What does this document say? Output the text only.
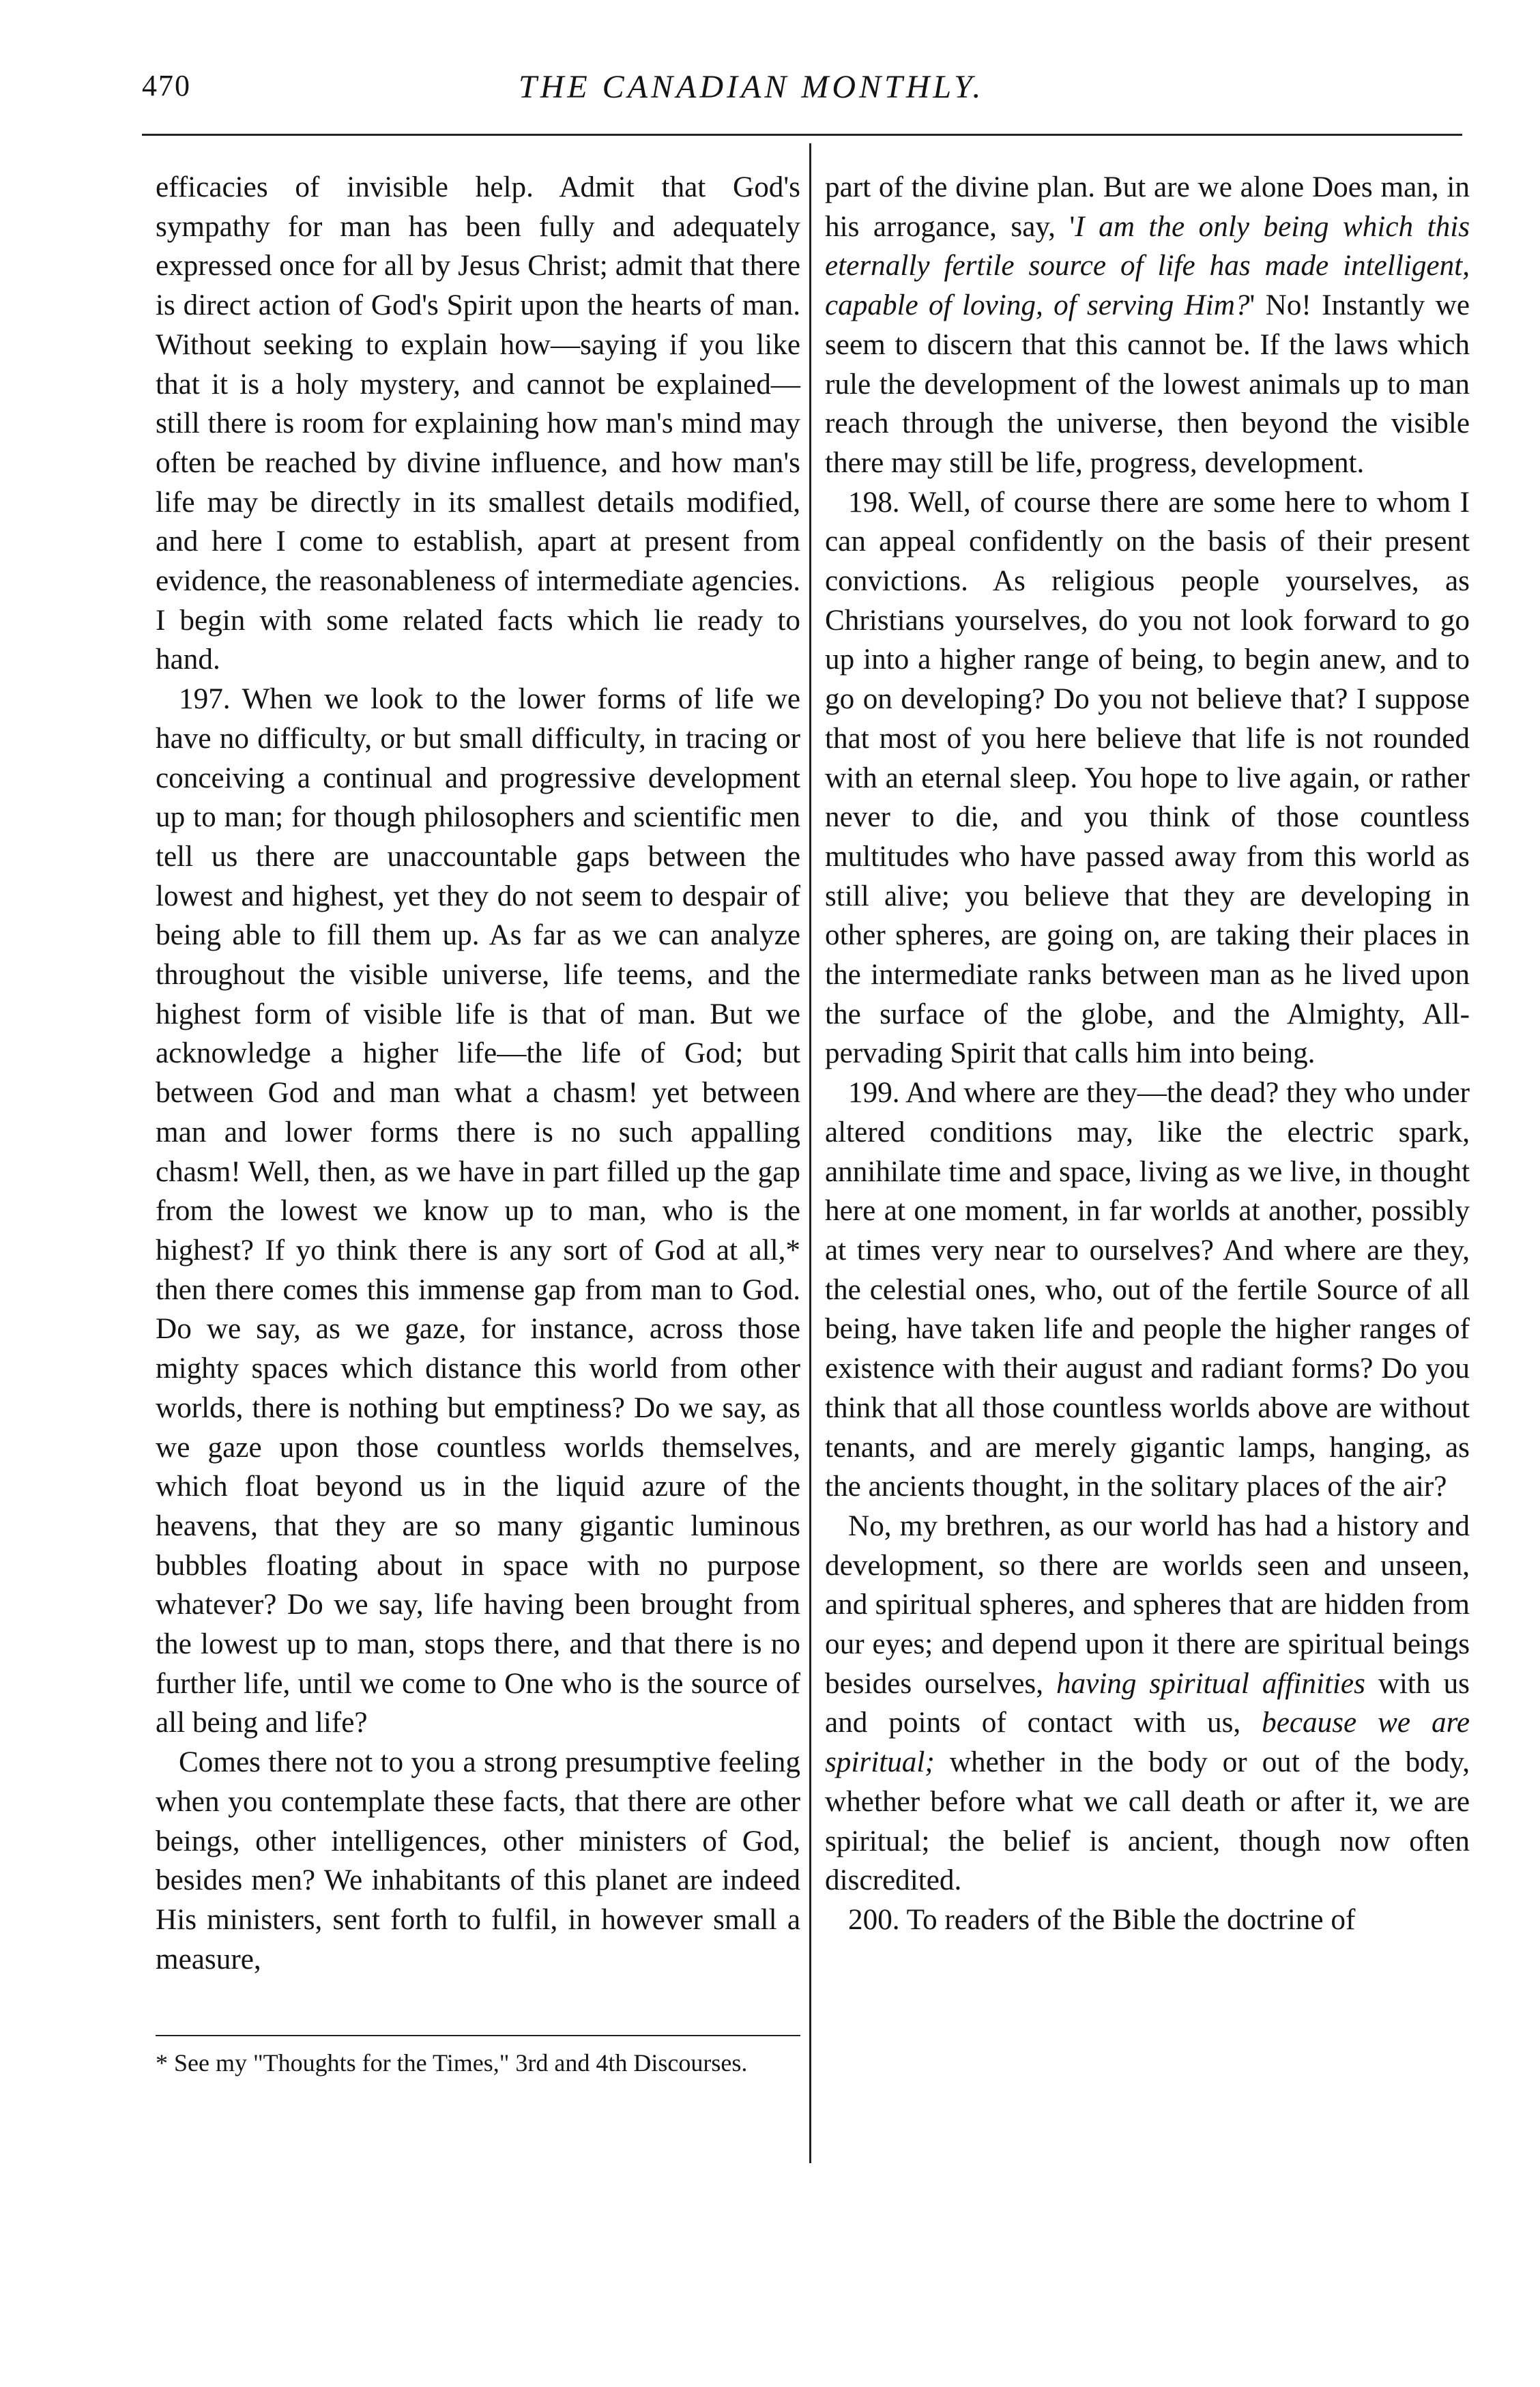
470	THE CANADIAN MONTHLY.

efficacies of invisible help. Admit that God's sympathy for man has been fully and adequately expressed once for all by Jesus Christ; admit that there is direct action of God's Spirit upon the hearts of man. Without seeking to explain how—saying if you like that it is a holy mystery, and cannot be explained—still there is room for explaining how man's mind may often be reached by divine influence, and how man's life may be directly in its smallest details modified, and here I come to establish, apart at present from evidence, the reasonableness of intermediate agencies. I begin with some related facts which lie ready to hand.

197. When we look to the lower forms of life we have no difficulty, or but small difficulty, in tracing or conceiving a continual and progressive development up to man; for though philosophers and scientific men tell us there are unaccountable gaps between the lowest and highest, yet they do not seem to despair of being able to fill them up. As far as we can analyze throughout the visible universe, life teems, and the highest form of visible life is that of man. But we acknowledge a higher life—the life of God; but between God and man what a chasm! yet between man and lower forms there is no such appalling chasm! Well, then, as we have in part filled up the gap from the lowest we know up to man, who is the highest? If yo think there is any sort of God at all,* then there comes this immense gap from man to God. Do we say, as we gaze, for instance, across those mighty spaces which distance this world from other worlds, there is nothing but emptiness? Do we say, as we gaze upon those countless worlds themselves, which float beyond us in the liquid azure of the heavens, that they are so many gigantic luminous bubbles floating about in space with no purpose whatever? Do we say, life having been brought from the lowest up to man, stops there, and that there is no further life, until we come to One who is the source of all being and life?

Comes there not to you a strong presumptive feeling when you contemplate these facts, that there are other beings, other intelligences, other ministers of God, besides men? We inhabitants of this planet are indeed His ministers, sent forth to fulfil, in however small a measure,

* See my "Thoughts for the Times," 3rd and 4th Discourses.

part of the divine plan. But are we alone Does man, in his arrogance, say, 'I am the only being which this eternally fertile source of life has made intelligent, capable of loving, of serving Him?' No! Instantly we seem to discern that this cannot be. If the laws which rule the development of the lowest animals up to man reach through the universe, then beyond the visible there may still be life, progress, development.

198. Well, of course there are some here to whom I can appeal confidently on the basis of their present convictions. As religious people yourselves, as Christians yourselves, do you not look forward to go up into a higher range of being, to begin anew, and to go on developing? Do you not believe that? I suppose that most of you here believe that life is not rounded with an eternal sleep. You hope to live again, or rather never to die, and you think of those countless multitudes who have passed away from this world as still alive; you believe that they are developing in other spheres, are going on, are taking their places in the intermediate ranks between man as he lived upon the surface of the globe, and the Almighty, All-pervading Spirit that calls him into being.

199. And where are they—the dead? they who under altered conditions may, like the electric spark, annihilate time and space, living as we live, in thought here at one moment, in far worlds at another, possibly at times very near to ourselves? And where are they, the celestial ones, who, out of the fertile Source of all being, have taken life and people the higher ranges of existence with their august and radiant forms? Do you think that all those countless worlds above are without tenants, and are merely gigantic lamps, hanging, as the ancients thought, in the solitary places of the air?

No, my brethren, as our world has had a history and development, so there are worlds seen and unseen, and spiritual spheres, and spheres that are hidden from our eyes; and depend upon it there are spiritual beings besides ourselves, having spiritual affinities with us and points of contact with us, because we are spiritual; whether in the body or out of the body, whether before what we call death or after it, we are spiritual; the belief is ancient, though now often discredited.

200. To readers of the Bible the doctrine of
